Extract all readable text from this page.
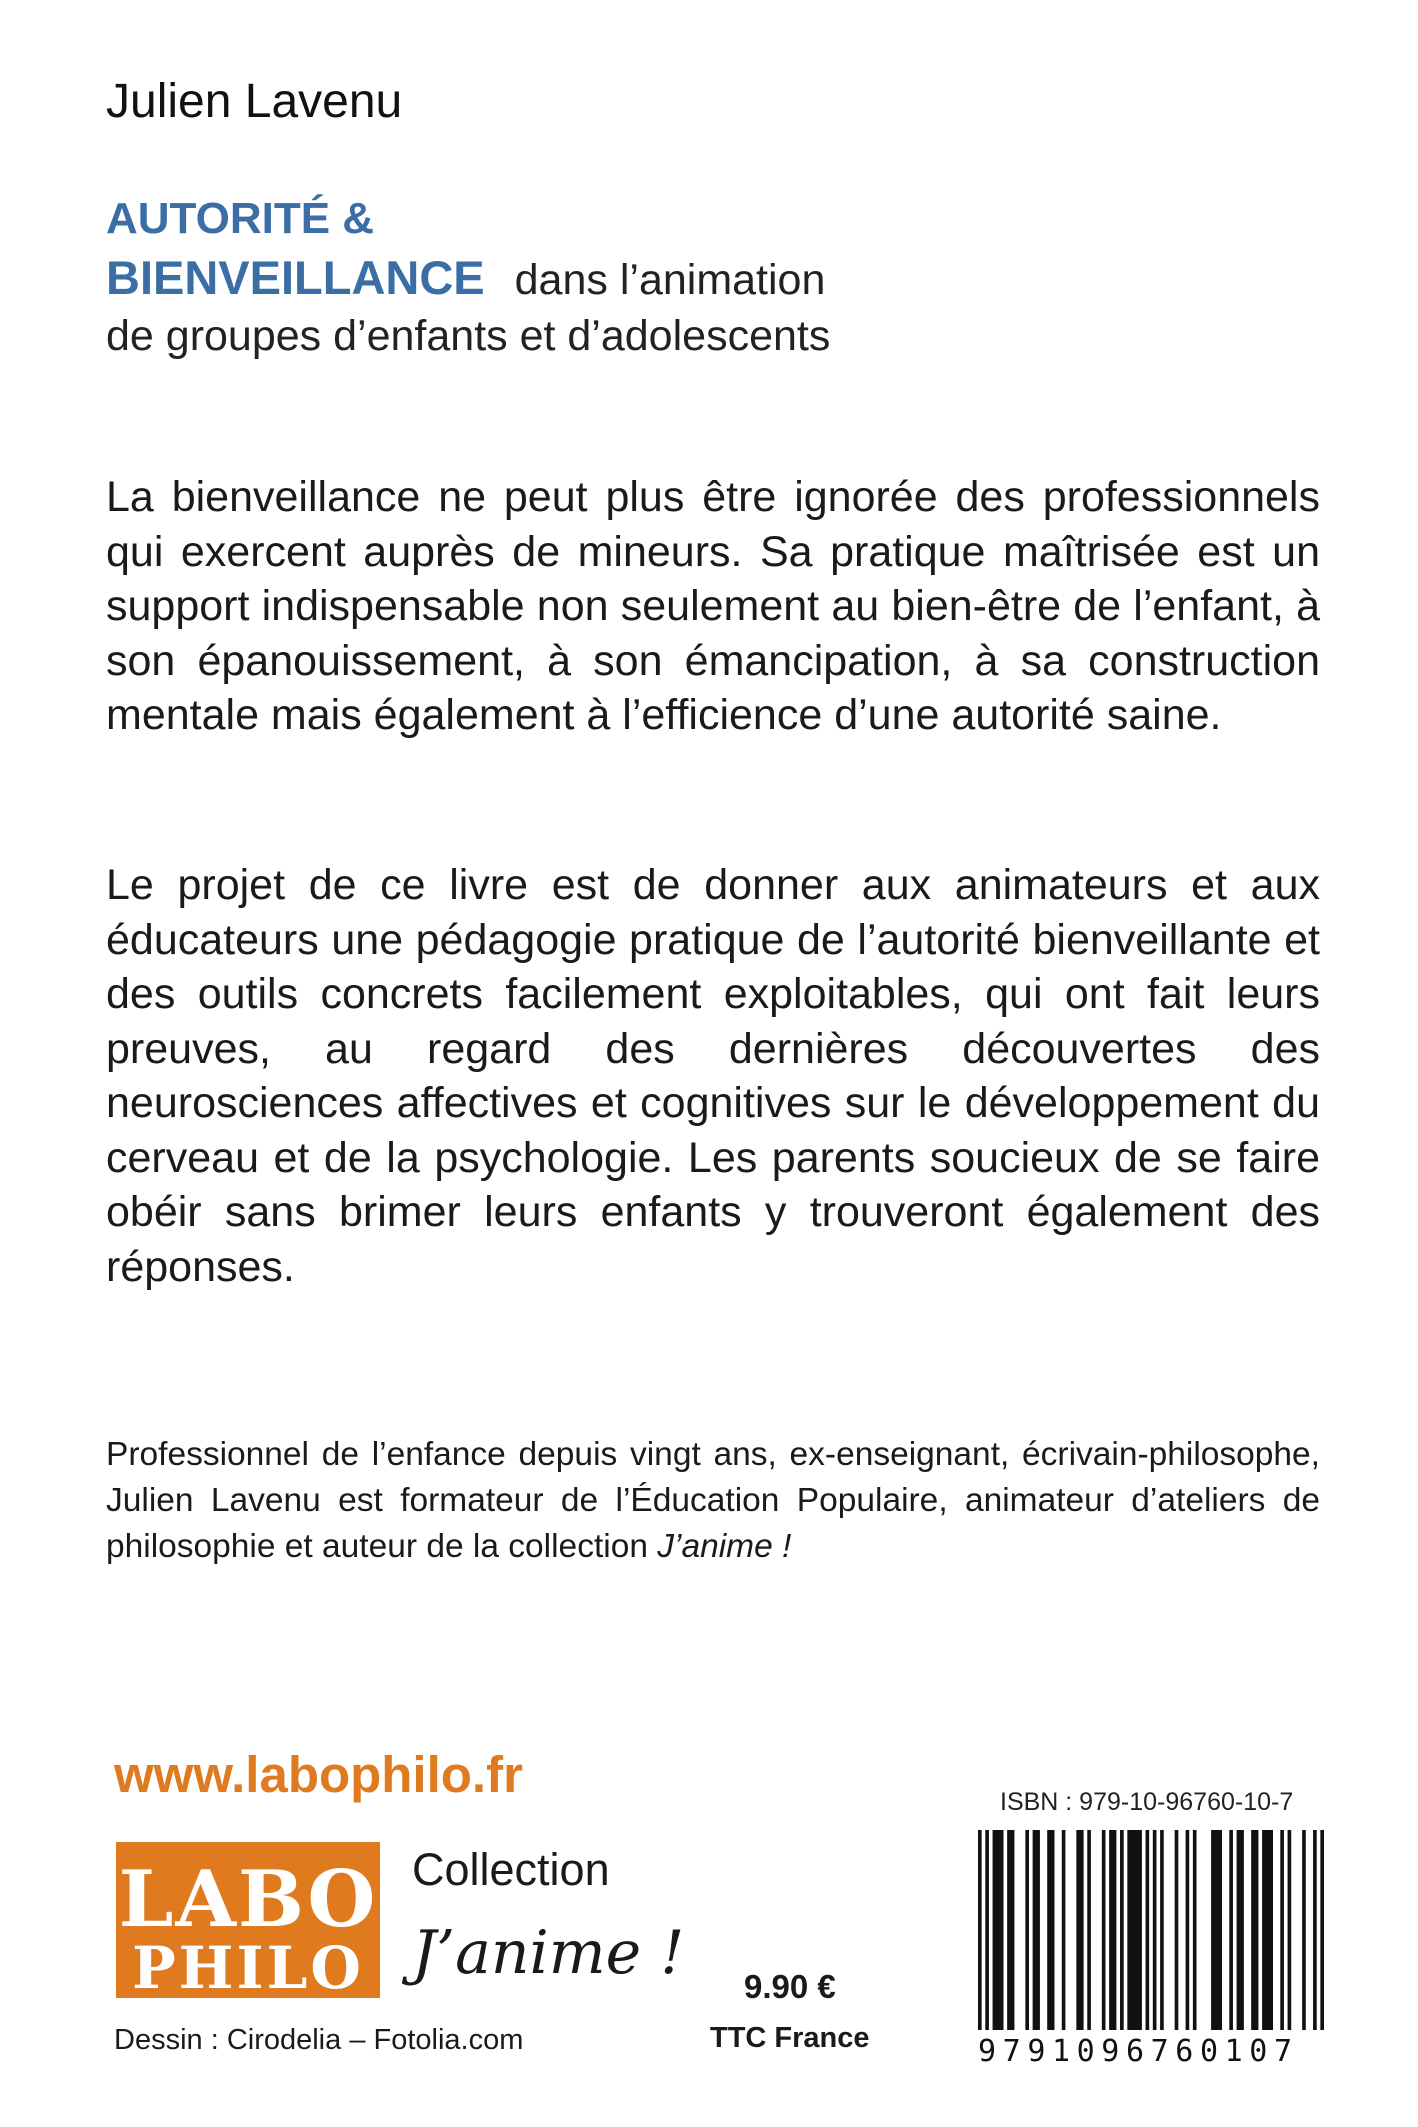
Julien Lavenu
AUTORITÉ &
BIENVEILLANCE dans l’animation
de groupes d’enfants et d’adolescents
La bienveillance ne peut plus être ignorée des professionnels qui exercent auprès de mineurs. Sa pratique maîtrisée est un support indispensable non seulement au bien-être de l’enfant, à son épanouissement, à son émancipation, à sa construction mentale mais également à l’efficience d’une autorité saine.
Le projet de ce livre est de donner aux animateurs et aux éducateurs une pédagogie pratique de l’autorité bienveillante et des outils concrets facilement exploitables, qui ont fait leurs preuves, au regard des dernières découvertes des neurosciences affectives et cognitives sur le développement du cerveau et de la psychologie. Les parents soucieux de se faire obéir sans brimer leurs enfants y trouveront également des réponses.
Professionnel de l’enfance depuis vingt ans, ex-enseignant, écrivain-philosophe, Julien Lavenu est formateur de l’Éducation Populaire, animateur d’ateliers de philosophie et auteur de la collection J’anime !
www.labophilo.fr	ISBN : 979-10-96760-10-7
LABO
PHILO
Collection
J’anime ! 9.90 €
TTC France
Dessin : Cirodelia – Fotolia.com	9791096760107
